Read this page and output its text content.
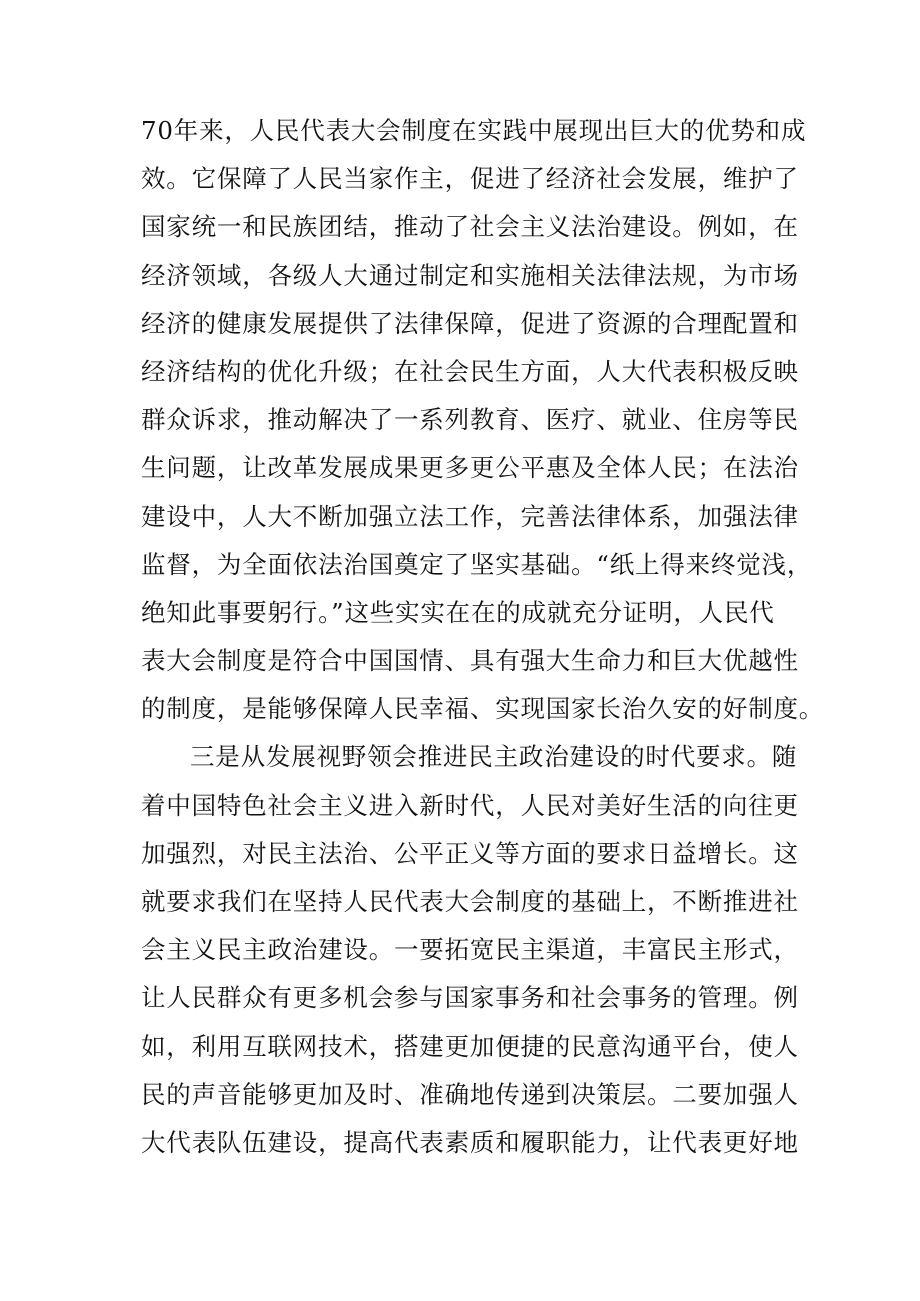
70年来，人民代表大会制度在实践中展现出巨大的优势和成
效。它保障了人民当家作主，促进了经济社会发展，维护了
国家统一和民族团结，推动了社会主义法治建设。例如，在
经济领域，各级人大通过制定和实施相关法律法规，为市场
经济的健康发展提供了法律保障，促进了资源的合理配置和
经济结构的优化升级；在社会民生方面，人大代表积极反映
群众诉求，推动解决了一系列教育、医疗、就业、住房等民
生问题，让改革发展成果更多更公平惠及全体人民；在法治
建设中，人大不断加强立法工作，完善法律体系，加强法律
监督，为全面依法治国奠定了坚实基础。“纸上得来终觉浅，
绝知此事要躬行。”这些实实在在的成就充分证明，人民代
表大会制度是符合中国国情、具有强大生命力和巨大优越性
的制度，是能够保障人民幸福、实现国家长治久安的好制度。
三是从发展视野领会推进民主政治建设的时代要求。随
着中国特色社会主义进入新时代，人民对美好生活的向往更
加强烈，对民主法治、公平正义等方面的要求日益增长。这
就要求我们在坚持人民代表大会制度的基础上，不断推进社
会主义民主政治建设。一要拓宽民主渠道，丰富民主形式，
让人民群众有更多机会参与国家事务和社会事务的管理。例
如，利用互联网技术，搭建更加便捷的民意沟通平台，使人
民的声音能够更加及时、准确地传递到决策层。二要加强人
大代表队伍建设，提高代表素质和履职能力，让代表更好地
